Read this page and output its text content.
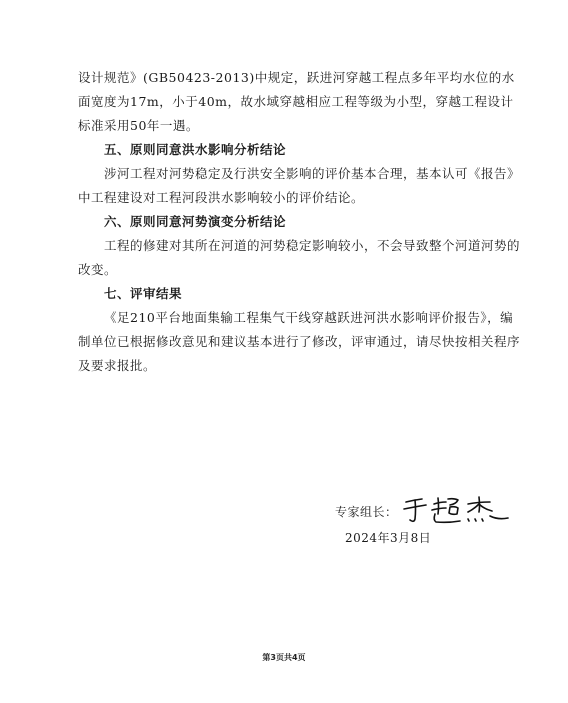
设计规范》(GB50423-2013)中规定，跃进河穿越工程点多年平均水位的水面宽度为17m，小于40m，故水域穿越相应工程等级为小型，穿越工程设计标准采用50年一遇。

五、原则同意洪水影响分析结论

涉河工程对河势稳定及行洪安全影响的评价基本合理，基本认可《报告》中工程建设对工程河段洪水影响较小的评价结论。

六、原则同意河势演变分析结论

工程的修建对其所在河道的河势稳定影响较小，不会导致整个河道河势的改变。

七、评审结果

《足210平台地面集输工程集气干线穿越跃进河洪水影响评价报告》，编制单位已根据修改意见和建议基本进行了修改，评审通过，请尽快按相关程序及要求报批。

专家组长：
2024年3月8日
第3页共4页
